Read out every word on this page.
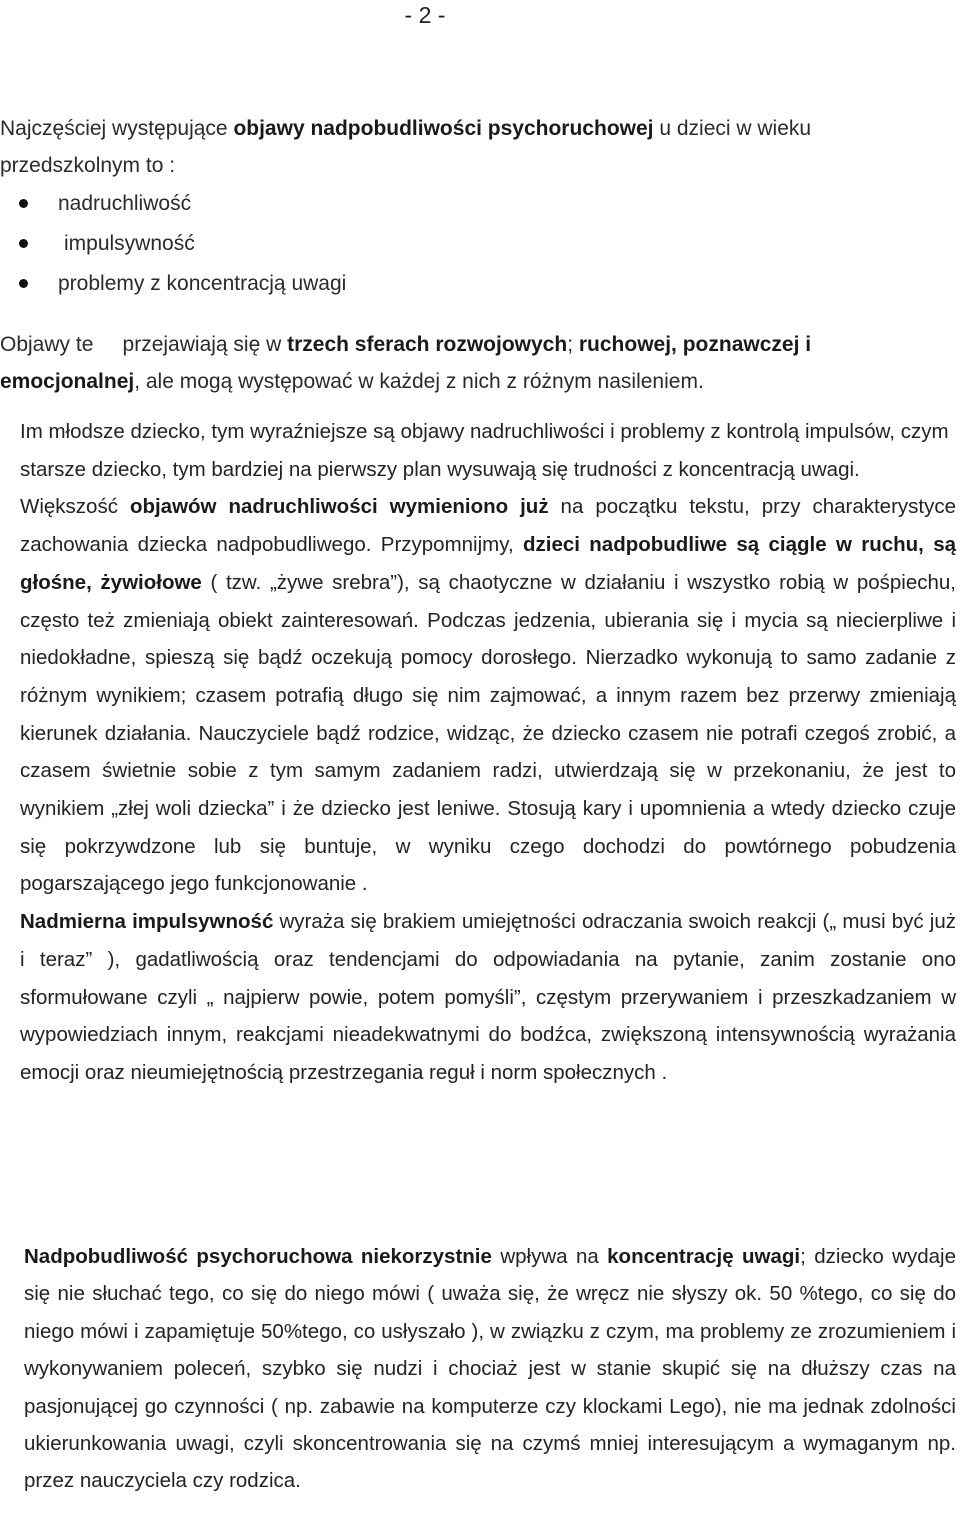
- 2 -

Najczęściej występujące objawy nadpobudliwości psychoruchowej u dzieci w wieku przedszkolnym to :

nadruchliwość
impulsywność
problemy z koncentracją uwagi

Objawy te     przejawiają się w trzech sferach rozwojowych; ruchowej, poznawczej i emocjonalnej, ale mogą występować w każdej z nich z różnym nasileniem.

Im młodsze dziecko, tym wyraźniejsze są objawy nadruchliwości i problemy z kontrolą impulsów, czym starsze dziecko, tym bardziej na pierwszy plan wysuwają się trudności z koncentracją uwagi.

Większość objawów nadruchliwości wymieniono już na początku tekstu, przy charakterystyce zachowania dziecka nadpobudliwego. Przypomnijmy, dzieci nadpobudliwe są ciągle w ruchu, są głośne, żywiołowe ( tzw. „żywe srebra”), są chaotyczne w działaniu i wszystko robią w pośpiechu, często też zmieniają obiekt zainteresowań. Podczas jedzenia, ubierania się i mycia są niecierpliwe i niedokładne, spieszą się bądź oczekują pomocy dorosłego. Nierzadko wykonują to samo zadanie z różnym wynikiem; czasem potrafią długo się nim zajmować, a innym razem bez przerwy zmieniają kierunek działania. Nauczyciele bądź rodzice, widząc, że dziecko czasem nie potrafi czegoś zrobić, a czasem świetnie sobie z tym samym zadaniem radzi, utwierdzają się w przekonaniu, że jest to wynikiem „złej woli dziecka” i że dziecko jest leniwe. Stosują kary i upomnienia a wtedy dziecko czuje się pokrzywdzone lub się buntuje, w wyniku czego dochodzi do powtórnego pobudzenia pogarszającego jego funkcjonowanie .

Nadmierna impulsywność wyraża się brakiem umiejętności odraczania swoich reakcji („ musi być już i teraz” ), gadatliwością oraz tendencjami do odpowiadania na pytanie, zanim zostanie ono sformułowane czyli „ najpierw powie, potem pomyśli”, częstym przerywaniem i przeszkadzaniem w wypowiedziach innym, reakcjami nieadekwatnymi do bodźca, zwiększoną intensywnością wyrażania emocji oraz nieumiejętnością przestrzegania reguł i norm społecznych .

Nadpobudliwość psychoruchowa niekorzystnie wpływa na koncentrację uwagi; dziecko wydaje się nie słuchać tego, co się do niego mówi ( uważa się, że wręcz nie słyszy ok. 50 %tego, co się do niego mówi i zapamiętuje 50%tego, co usłyszało ), w związku z czym, ma problemy ze zrozumieniem i wykonywaniem poleceń, szybko się nudzi i chociaż jest w stanie skupić się na dłuższy czas na pasjonującej go czynności ( np. zabawie na komputerze czy klockami Lego), nie ma jednak zdolności ukierunkowania uwagi, czyli skoncentrowania się na czymś mniej interesującym a wymaganym np. przez nauczyciela czy rodzica.
